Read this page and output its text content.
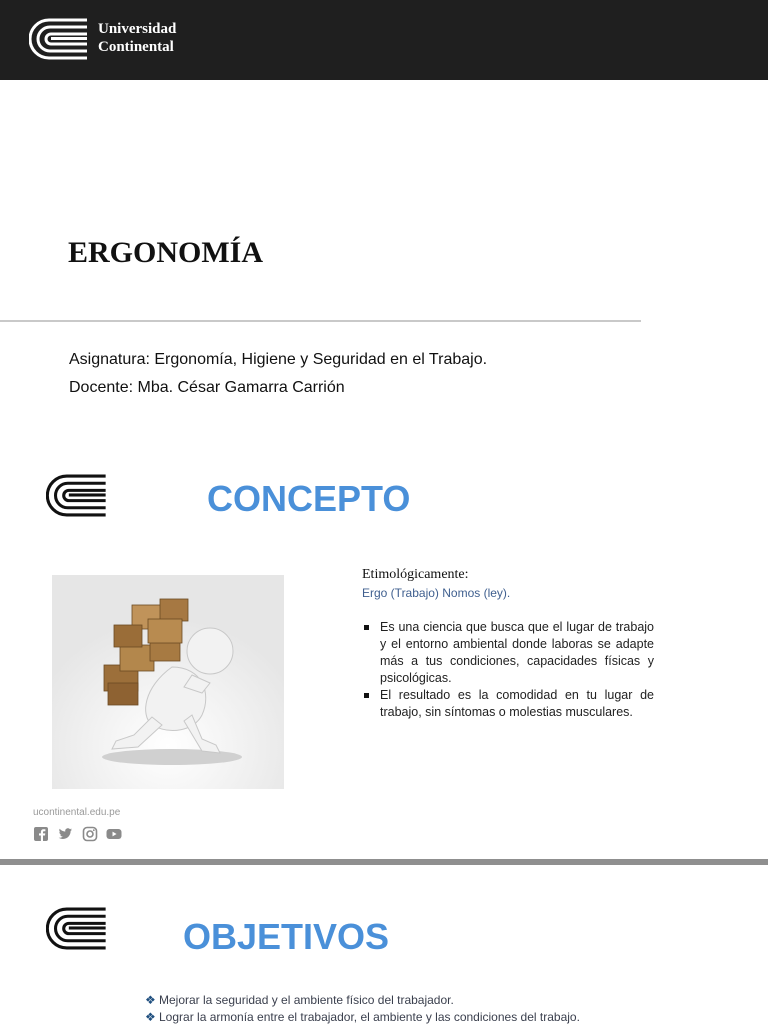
Universidad
Continental
ERGONOMÍA
Asignatura: Ergonomía, Higiene y Seguridad en el Trabajo.
Docente: Mba. César Gamarra Carrión
CONCEPTO
Etimológicamente:
Ergo (Trabajo) Nomos (ley).
Es una ciencia que busca que el lugar de trabajo y el entorno ambiental donde laboras se adapte más a tus condiciones, capacidades físicas y psicológicas.
El resultado es la comodidad en tu lugar de trabajo, sin síntomas o molestias musculares.
ucontinental.edu.pe
OBJETIVOS
❖ Mejorar la seguridad y el ambiente físico del trabajador.
❖ Lograr la armonía entre el trabajador, el ambiente y las condiciones del trabajo.
